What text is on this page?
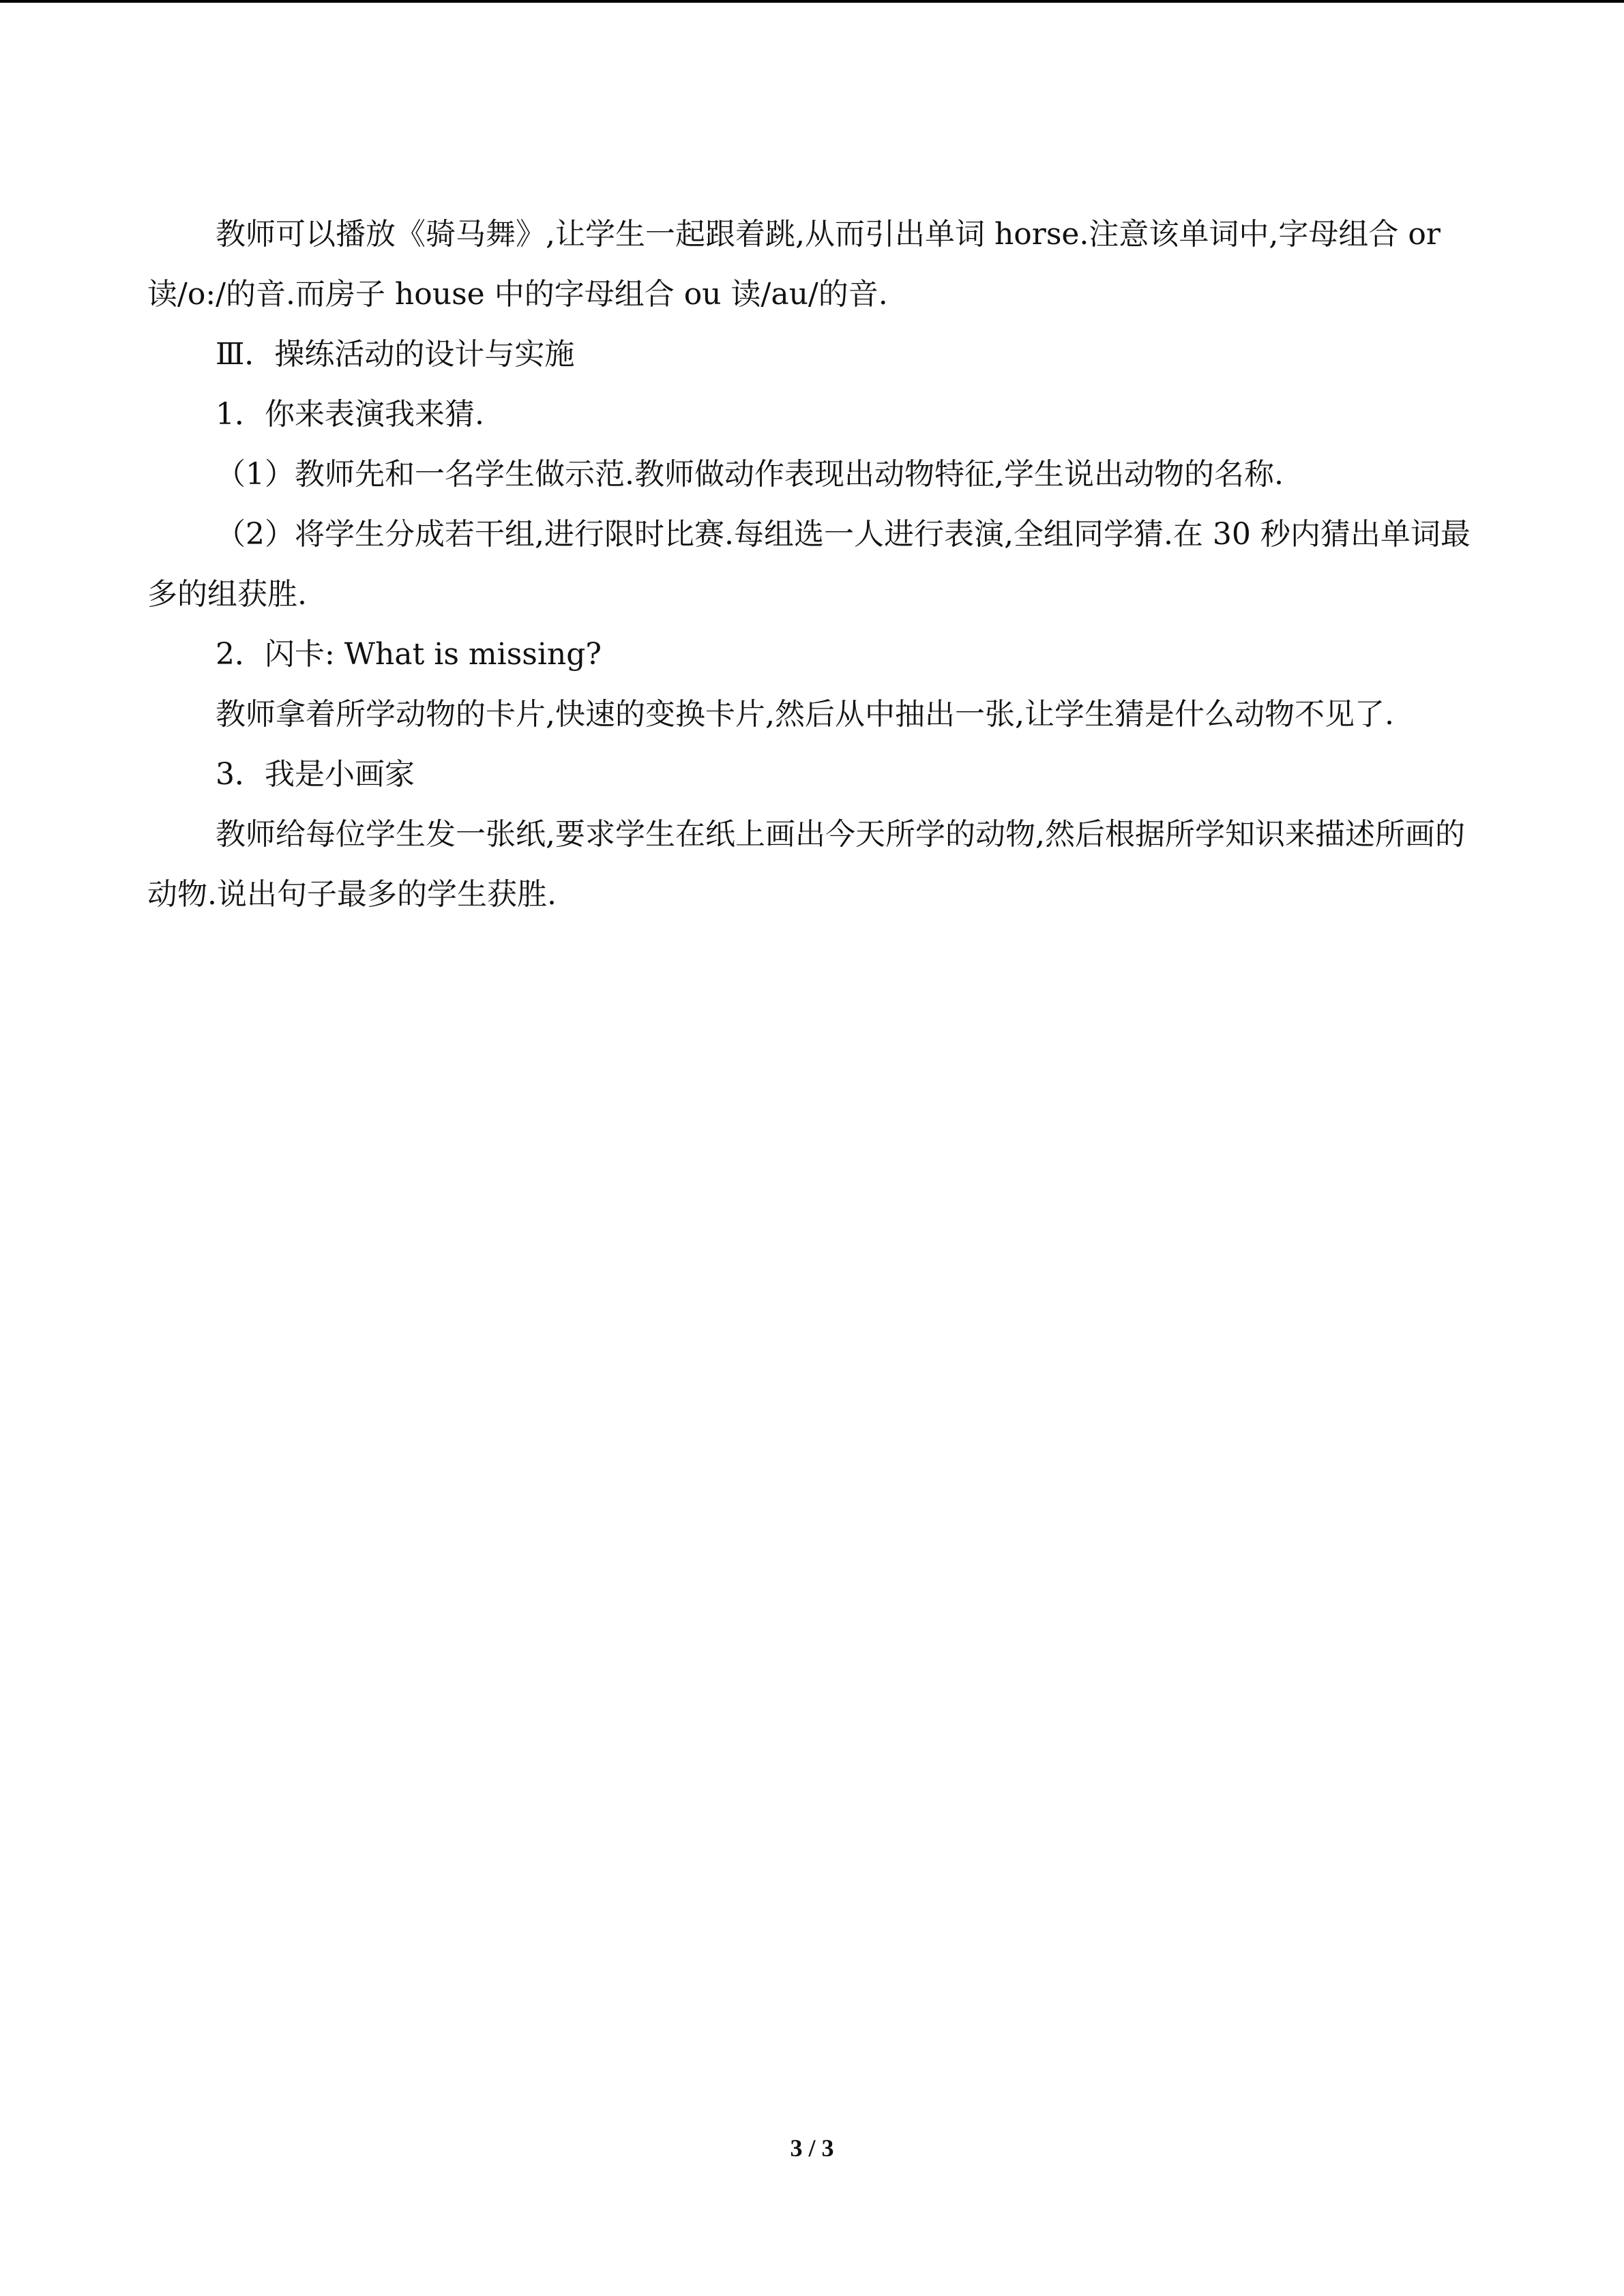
教师可以播放《骑马舞》,让学生一起跟着跳,从而引出单词 horse.注意该单词中,字母组合 or 读/o:/的音.而房子 house 中的字母组合 ou 读/au/的音.

Ⅲ．操练活动的设计与实施

1．你来表演我来猜.

（1）教师先和一名学生做示范.教师做动作表现出动物特征,学生说出动物的名称.

（2）将学生分成若干组,进行限时比赛.每组选一人进行表演,全组同学猜.在 30 秒内猜出单词最多的组获胜.

2．闪卡: What is missing?

教师拿着所学动物的卡片,快速的变换卡片,然后从中抽出一张,让学生猜是什么动物不见了.

3．我是小画家

教师给每位学生发一张纸,要求学生在纸上画出今天所学的动物,然后根据所学知识来描述所画的动物.说出句子最多的学生获胜.

3 / 3
